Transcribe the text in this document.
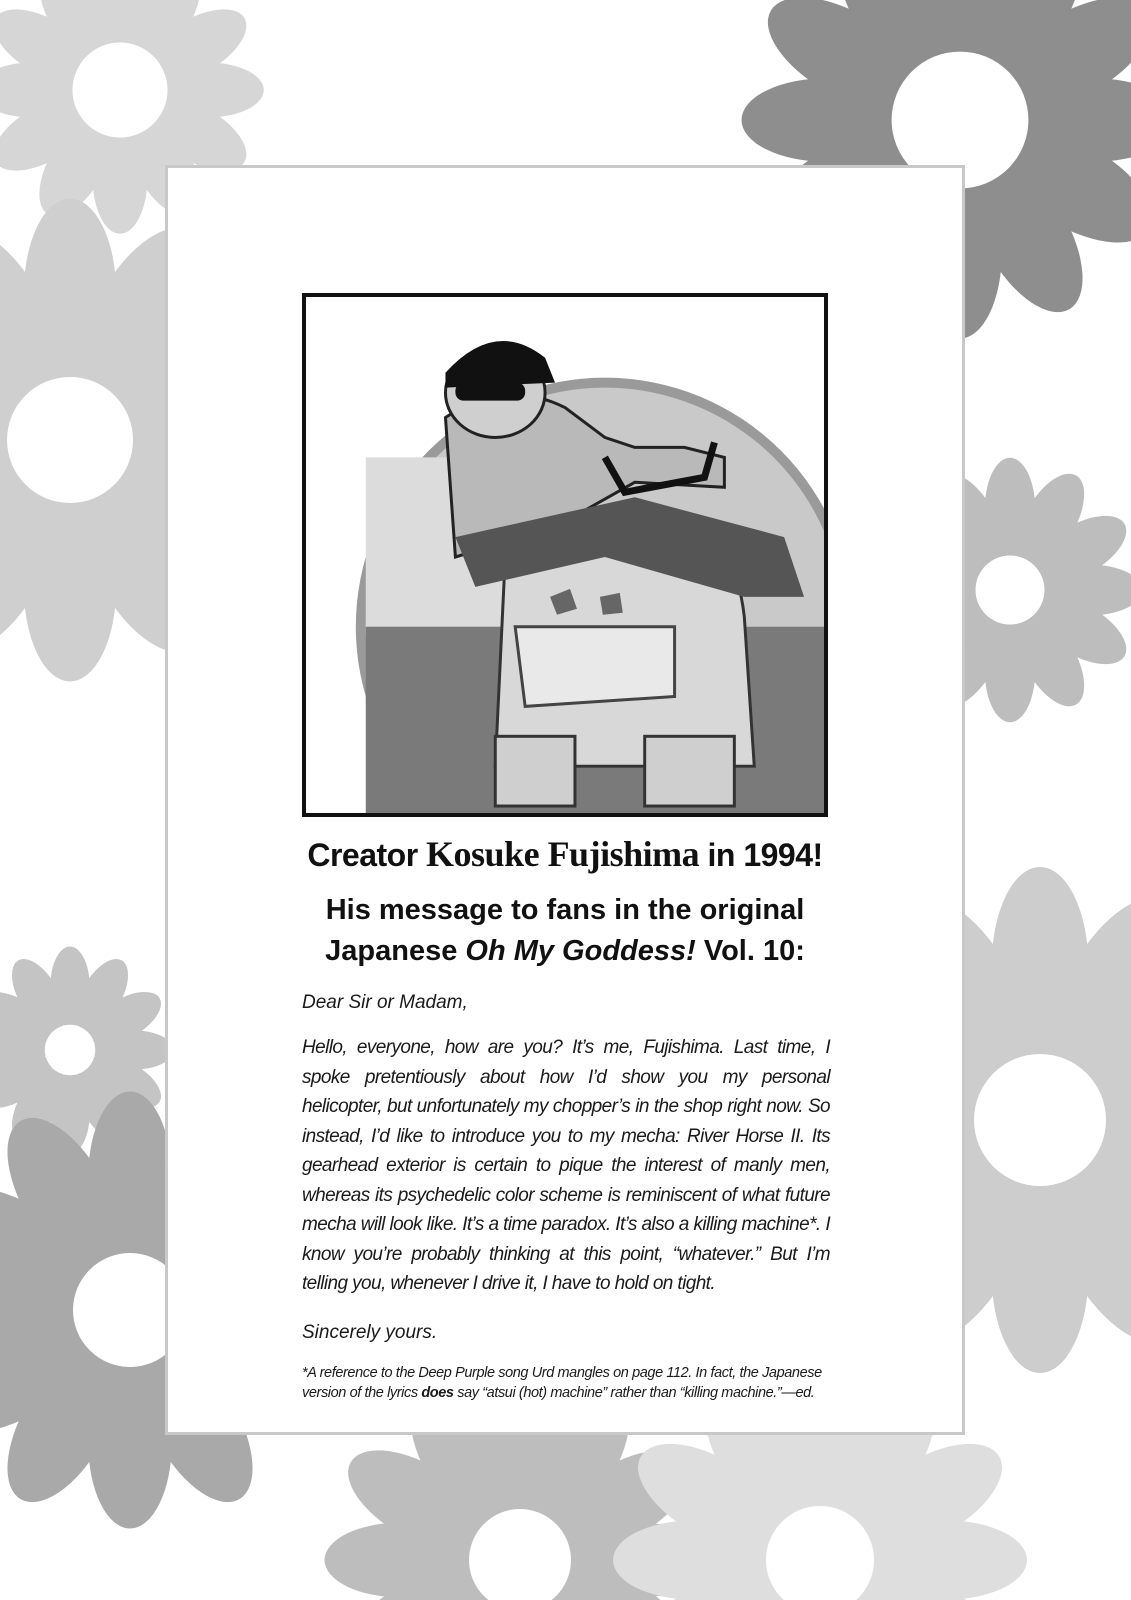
Creator Kosuke Fujishima in 1994!
His message to fans in the original
Japanese Oh My Goddess! Vol. 10:
Dear Sir or Madam,
Hello, everyone, how are you? It’s me, Fujishima. Last time, I spoke pretentiously about how I’d show you my personal helicopter, but unfortunately my chopper’s in the shop right now. So instead, I’d like to introduce you to my mecha: River Horse II. Its gearhead exterior is certain to pique the interest of manly men, whereas its psychedelic color scheme is reminiscent of what future mecha will look like. It’s a time paradox. It’s also a killing machine*. I know you’re probably thinking at this point, “whatever.” But I’m telling you, whenever I drive it, I have to hold on tight.
Sincerely yours.
*A reference to the Deep Purple song Urd mangles on page 112. In fact, the Japanese version of the lyrics does say “atsui (hot) machine” rather than “killing machine.”—ed.
